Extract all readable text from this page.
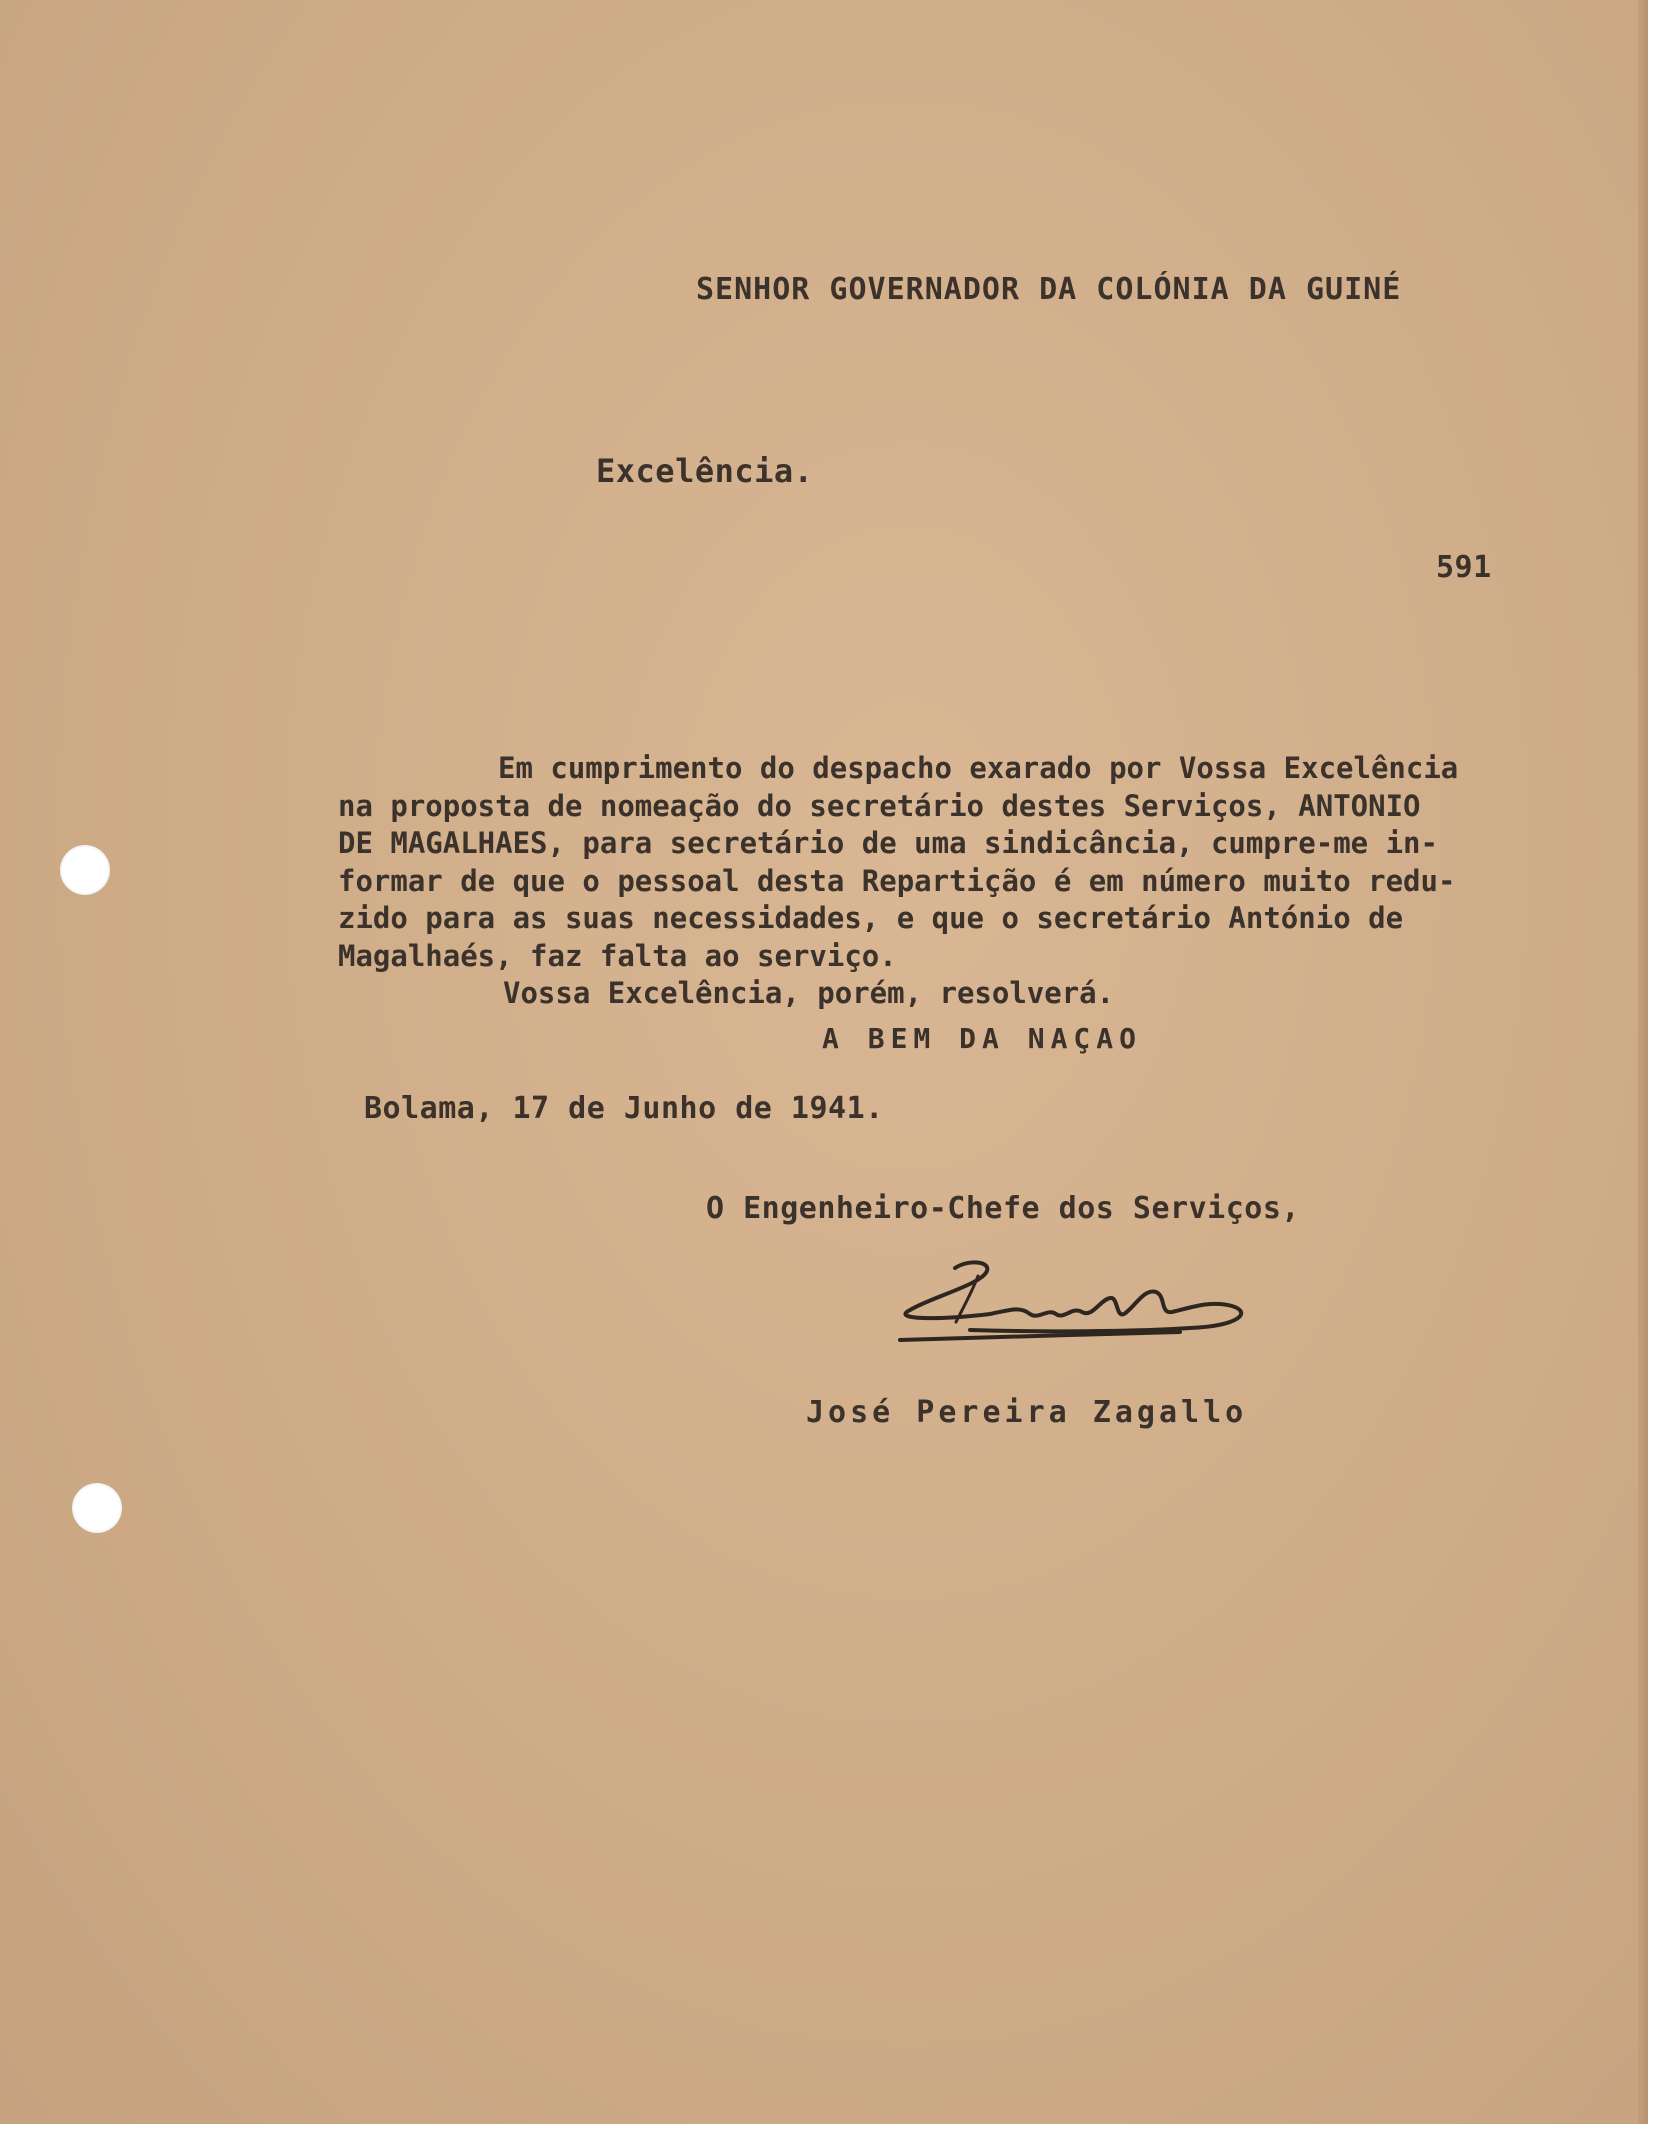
SENHOR GOVERNADOR DA COLÓNIA DA GUINÉ
Excelência.
591
Em cumprimento do despacho exarado por Vossa Excelência
na proposta de nomeação do secretário destes Serviços, ANTONIO
DE MAGALHAES, para secretário de uma sindicância, cumpre-me in-
formar de que o pessoal desta Repartição é em número muito redu-
zido para as suas necessidades, e que o secretário António de
Magalhaés, faz falta ao serviço.
Vossa Excelência, porém, resolverá.
A BEM DA NAÇAO
Bolama, 17 de Junho de 1941.
O Engenheiro-Chefe dos Serviços,
José Pereira Zagallo
